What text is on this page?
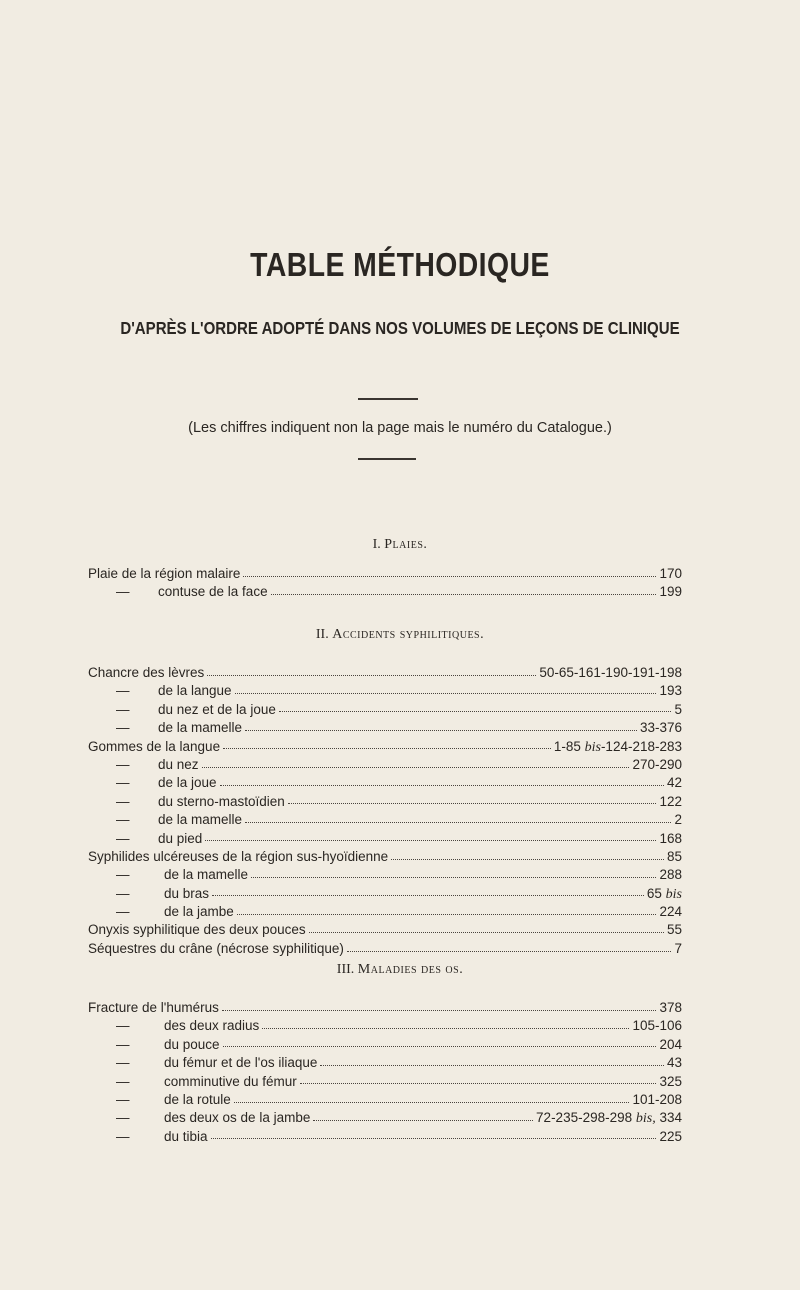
TABLE MÉTHODIQUE
D'APRÈS L'ORDRE ADOPTÉ DANS NOS VOLUMES DE LEÇONS DE CLINIQUE
(Les chiffres indiquent non la page mais le numéro du Catalogue.)
I. Plaies.
Plaie de la région malaire	170
—	contuse de la face	199
II. Accidents syphilitiques.
Chancre des lèvres	50-65-161-190-191-198
—	de la langue	193
—	du nez et de la joue	5
—	de la mamelle	33-376
Gommes de la langue	1-85 bis-124-218-283
—	du nez	270-290
—	de la joue	42
—	du sterno-mastoïdien	122
—	de la mamelle	2
—	du pied	168
Syphilides ulcéreuses de la région sus-hyoïdienne	85
—	de la mamelle	288
—	du bras	65 bis
—	de la jambe	224
Onyxis syphilitique des deux pouces	55
Séquestres du crâne (nécrose syphilitique)	7
III. Maladies des os.
Fracture de l'humérus	378
—	des deux radius	105-106
—	du pouce	204
—	du fémur et de l'os iliaque	43
—	comminutive du fémur	325
—	de la rotule	101-208
—	des deux os de la jambe	72-235-298-298 bis, 334
—	du tibia	225
